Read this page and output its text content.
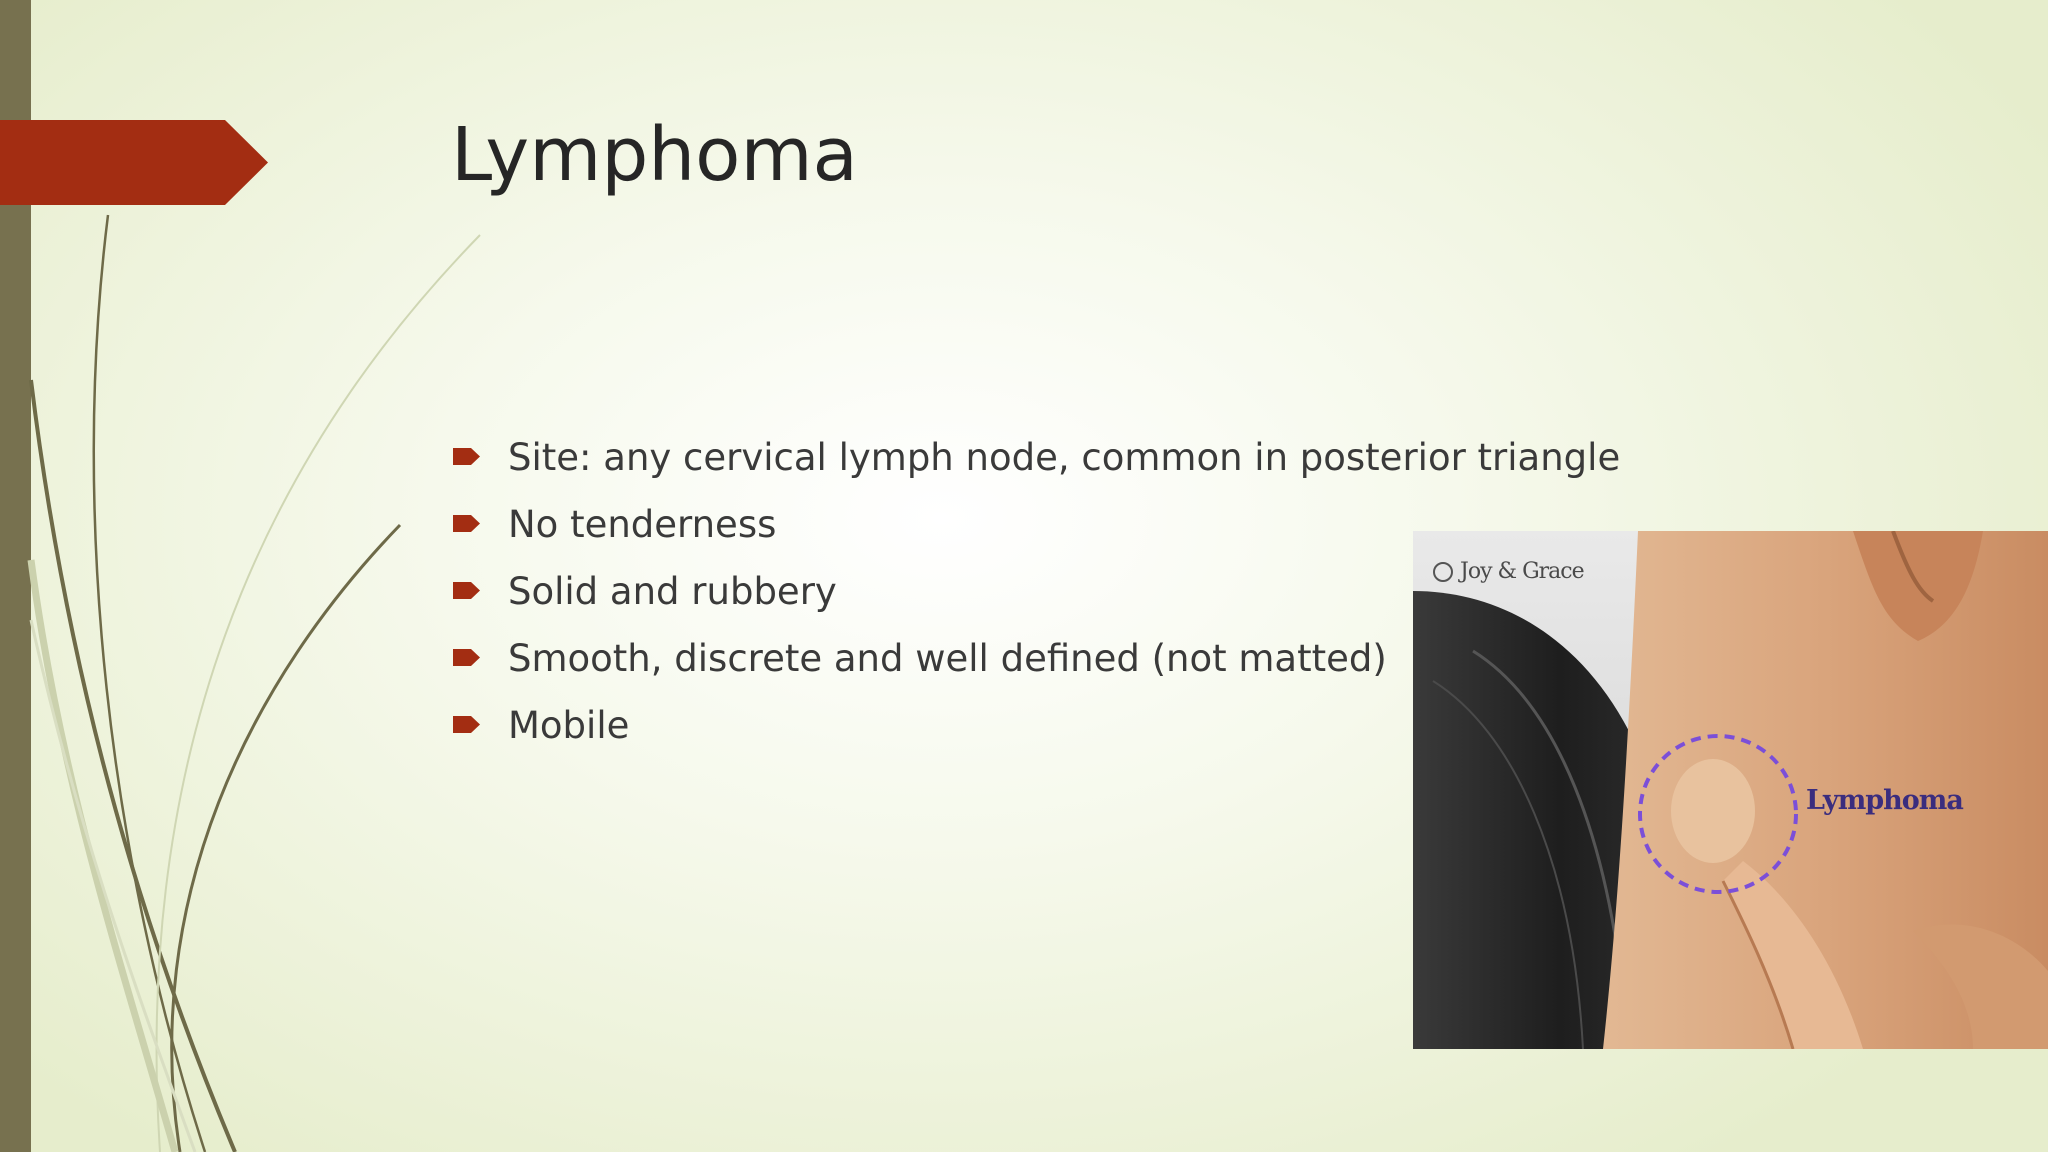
Lymphoma
Site: any cervical lymph node, common in posterior triangle
No tenderness
Solid and rubbery
Smooth, discrete and well defined (not matted)
Mobile
Joy & Grace
Lymphoma
